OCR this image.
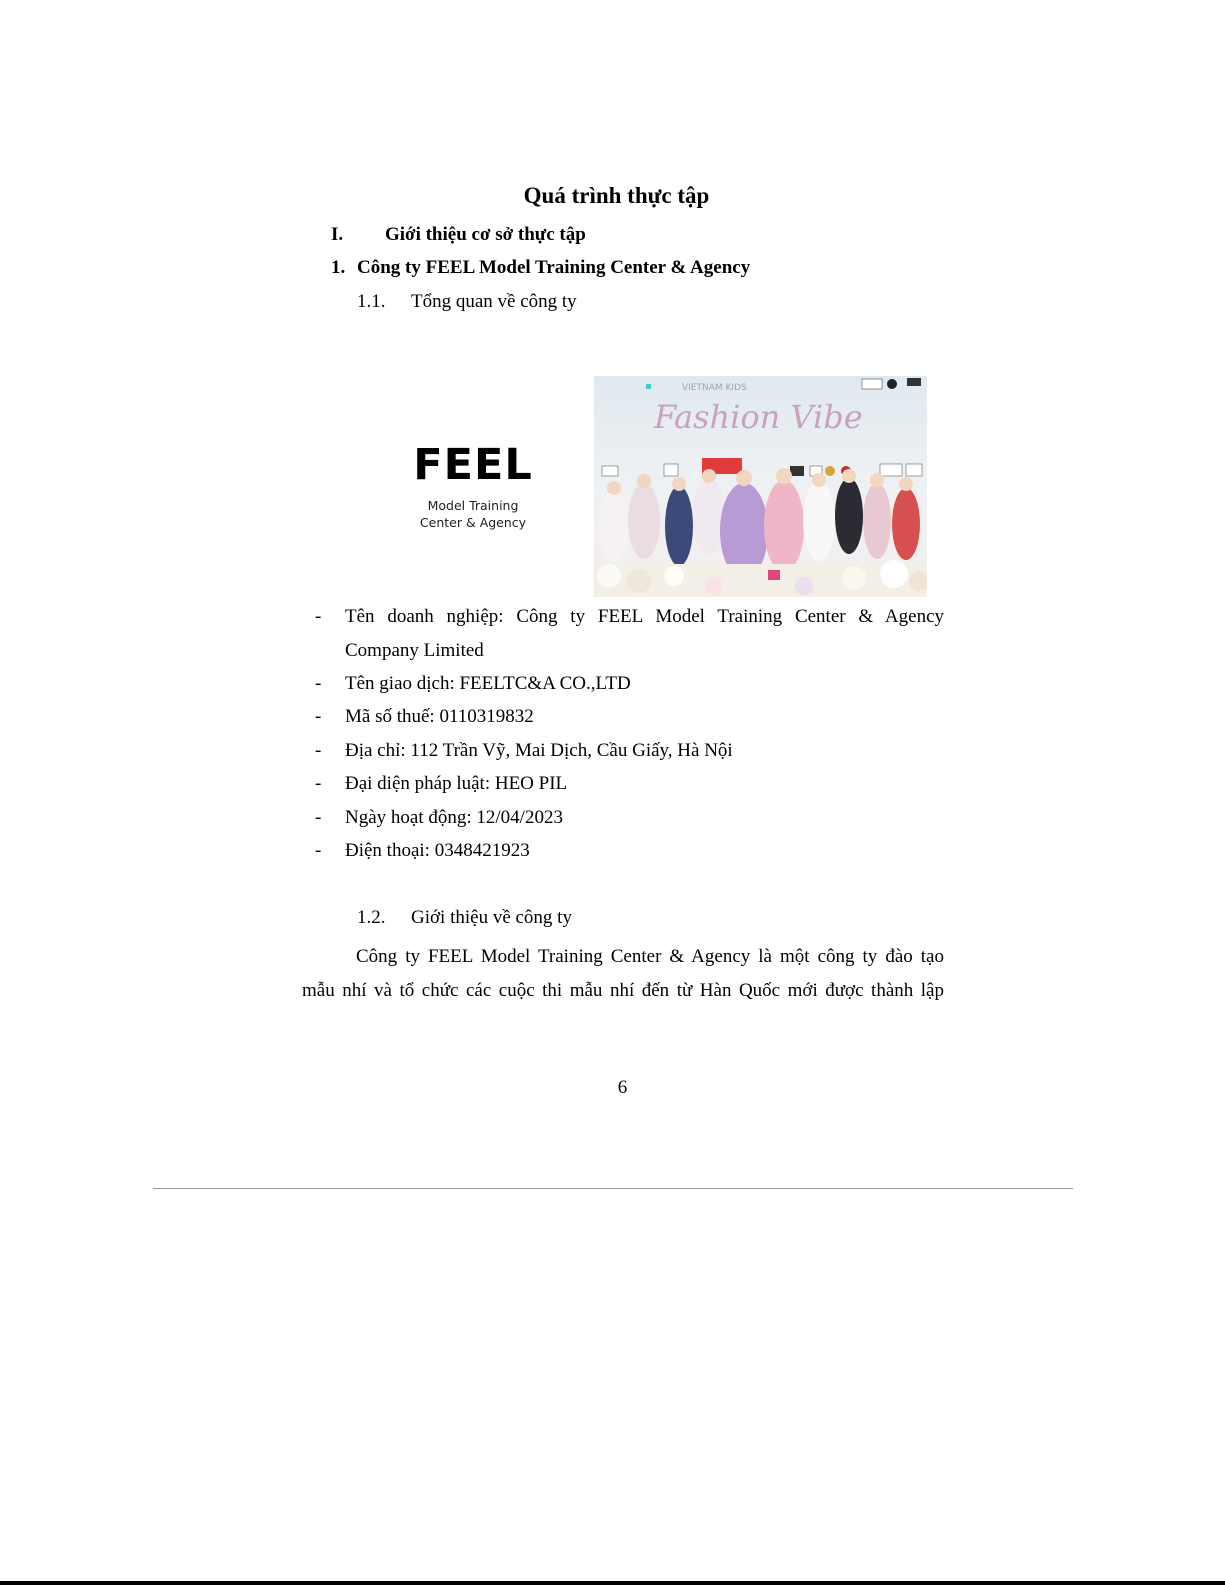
Quá trình thực tập
I. Giới thiệu cơ sở thực tập
1. Công ty FEEL Model Training Center & Agency
1.1. Tổng quan về công ty
FEEL
Model Training
Center & Agency
VIETNAM KIDS
Fashion Vibe
- Tên doanh nghiệp: Công ty FEEL Model Training Center & Agency
Company Limited
- Tên giao dịch: FEELTC&A CO.,LTD
- Mã số thuế: 0110319832
- Địa chỉ: 112 Trần Vỹ, Mai Dịch, Cầu Giấy, Hà Nội
- Đại diện pháp luật: HEO PIL
- Ngày hoạt động: 12/04/2023
- Điện thoại: 0348421923
1.2. Giới thiệu về công ty
Công ty FEEL Model Training Center & Agency là một công ty đào tạo
mẫu nhí và tổ chức các cuộc thi mẫu nhí đến từ Hàn Quốc mới được thành lập
6
